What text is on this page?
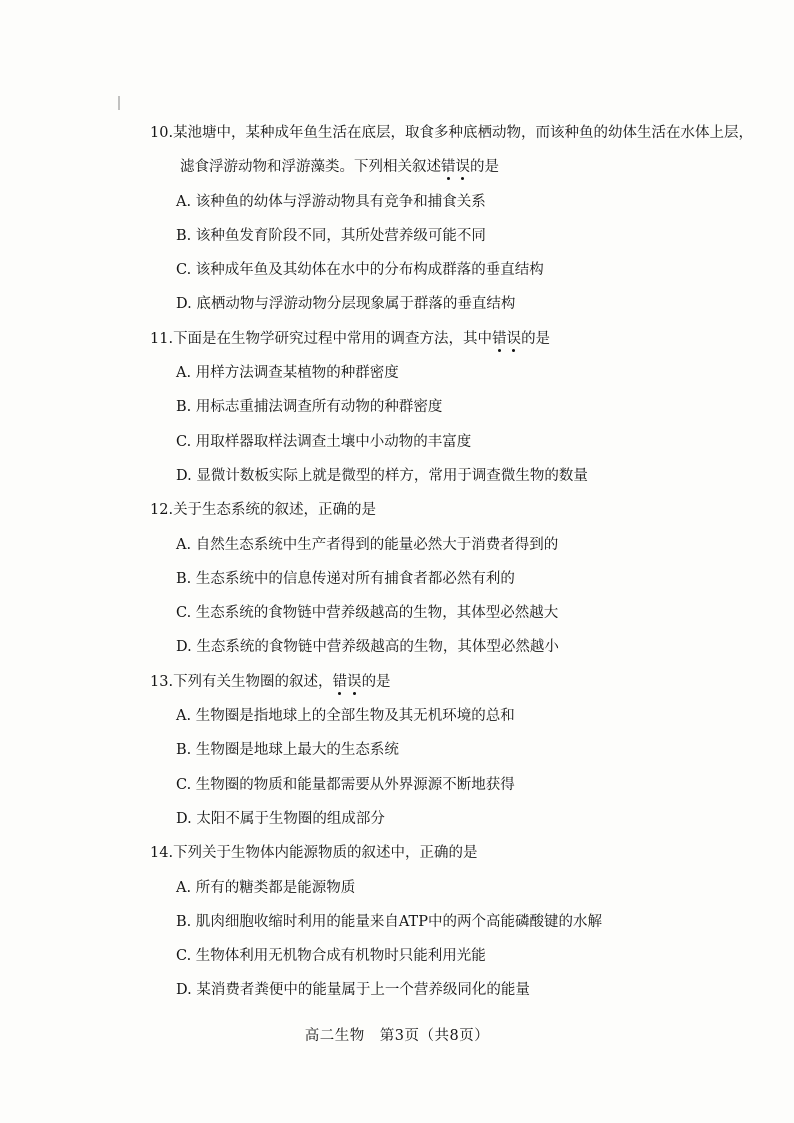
10.某池塘中，某种成年鱼生活在底层，取食多种底栖动物，而该种鱼的幼体生活在水体上层，
滤食浮游动物和浮游藻类。下列相关叙述错误
的是
A. 该种鱼的幼体与浮游动物具有竞争和捕食关系
B. 该种鱼发育阶段不同，其所处营养级可能不同
C. 该种成年鱼及其幼体在水中的分布构成群落的垂直结构
D. 底栖动物与浮游动物分层现象属于群落的垂直结构
11.下面是在生物学研究过程中常用的调查方法，其中错误
的是
A. 用样方法调查某植物的种群密度
B. 用标志重捕法调查所有动物的种群密度
C. 用取样器取样法调查土壤中小动物的丰富度
D. 显微计数板实际上就是微型的样方，常用于调查微生物的数量
12.关于生态系统的叙述，正确的是
A. 自然生态系统中生产者得到的能量必然大于消费者得到的
B. 生态系统中的信息传递对所有捕食者都必然有利的
C. 生态系统的食物链中营养级越高的生物，其体型必然越大
D. 生态系统的食物链中营养级越高的生物，其体型必然越小
13.下列有关生物圈的叙述，错误
的是
A. 生物圈是指地球上的全部生物及其无机环境的总和
B. 生物圈是地球上最大的生态系统
C. 生物圈的物质和能量都需要从外界源源不断地获得
D. 太阳不属于生物圈的组成部分
14.下列关于生物体内能源物质的叙述中，正确的是
A. 所有的糖类都是能源物质
B. 肌肉细胞收缩时利用的能量来自ATP中的两个高能磷酸键的水解
C. 生物体利用无机物合成有机物时只能利用光能
D. 某消费者粪便中的能量属于上一个营养级同化的能量
高二生物　第3页（共8页）
